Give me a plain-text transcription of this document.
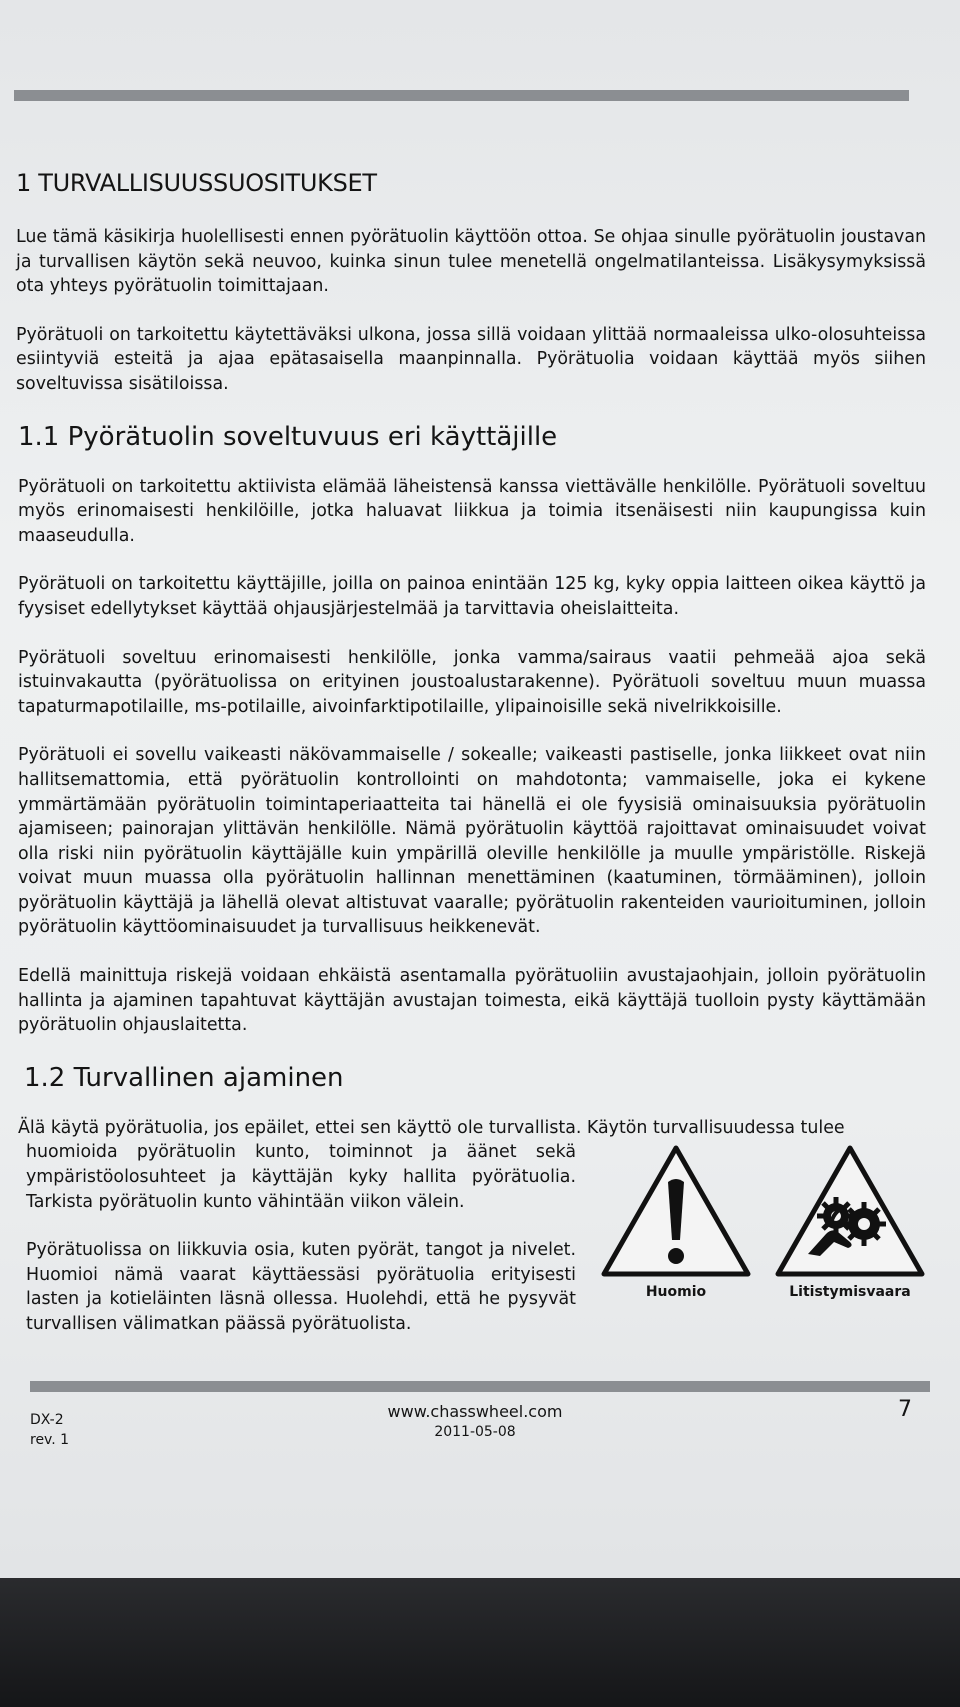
1 TURVALLISUUSSUOSITUKSET

Lue tämä käsikirja huolellisesti ennen pyörätuolin käyttöön ottoa. Se ohjaa sinulle pyörätuolin joustavan ja turvallisen käytön sekä neuvoo, kuinka sinun tulee menetellä ongelmatilanteissa. Lisäkysymyksissä ota yhteys pyörätuolin toimittajaan.

Pyörätuoli on tarkoitettu käytettäväksi ulkona, jossa sillä voidaan ylittää normaaleissa ulko-olosuhteissa esiintyviä esteitä ja ajaa epätasaisella maanpinnalla. Pyörätuolia voidaan käyttää myös siihen soveltuvissa sisätiloissa.

1.1 Pyörätuolin soveltuvuus eri käyttäjille

Pyörätuoli on tarkoitettu aktiivista elämää läheistensä kanssa viettävälle henkilölle. Pyörätuoli soveltuu myös erinomaisesti henkilöille, jotka haluavat liikkua ja toimia itsenäisesti niin kaupungissa kuin maaseudulla.

Pyörätuoli on tarkoitettu käyttäjille, joilla on painoa enintään 125 kg, kyky oppia laitteen oikea käyttö ja fyysiset edellytykset käyttää ohjausjärjestelmää ja tarvittavia oheislaitteita.

Pyörätuoli soveltuu erinomaisesti henkilölle, jonka vamma/sairaus vaatii pehmeää ajoa sekä istuinvakautta (pyörätuolissa on erityinen joustoalustarakenne). Pyörätuoli soveltuu muun muassa tapaturmapotilaille, ms-potilaille, aivoinfarktipotilaille, ylipainoisille sekä nivelrikkoisille.

Pyörätuoli ei sovellu vaikeasti näkövammaiselle / sokealle; vaikeasti pastiselle, jonka liikkeet ovat niin hallitsemattomia, että pyörätuolin kontrollointi on mahdotonta; vammaiselle, joka ei kykene ymmärtämään pyörätuolin toimintaperiaatteita tai hänellä ei ole fyysisiä ominaisuuksia pyörätuolin ajamiseen; painorajan ylittävän henkilölle. Nämä pyörätuolin käyttöä rajoittavat ominaisuudet voivat olla riski niin pyörätuolin käyttäjälle kuin ympärillä oleville henkilölle ja muulle ympäristölle. Riskejä voivat muun muassa olla pyörätuolin hallinnan menettäminen (kaatuminen, törmääminen), jolloin pyörätuolin käyttäjä ja lähellä olevat altistuvat vaaralle; pyörätuolin rakenteiden vaurioituminen, jolloin pyörätuolin käyttöominaisuudet ja turvallisuus heikkenevät.

Edellä mainittuja riskejä voidaan ehkäistä asentamalla pyörätuoliin avustajaohjain, jolloin pyörätuolin hallinta ja ajaminen tapahtuvat käyttäjän avustajan toimesta, eikä käyttäjä tuolloin pysty käyttämään pyörätuolin ohjauslaitetta.

1.2 Turvallinen ajaminen

Älä käytä pyörätuolia, jos epäilet, ettei sen käyttö ole turvallista. Käytön turvallisuudessa tulee

huomioida pyörätuolin kunto, toiminnot ja äänet sekä ympäristöolosuhteet ja käyttäjän kyky hallita pyörätuolia. Tarkista pyörätuolin kunto vähintään viikon välein.

Pyörätuolissa on liikkuvia osia, kuten pyörät, tangot ja nivelet. Huomioi nämä vaarat käyttäessäsi pyörätuolia erityisesti lasten ja kotieläinten läsnä ollessa. Huolehdi, että he pysyvät turvallisen välimatkan päässä pyörätuolista.

Huomio	Litistymisvaara
DX-2
rev. 1
www.chasswheel.com
2011-05-08
7
